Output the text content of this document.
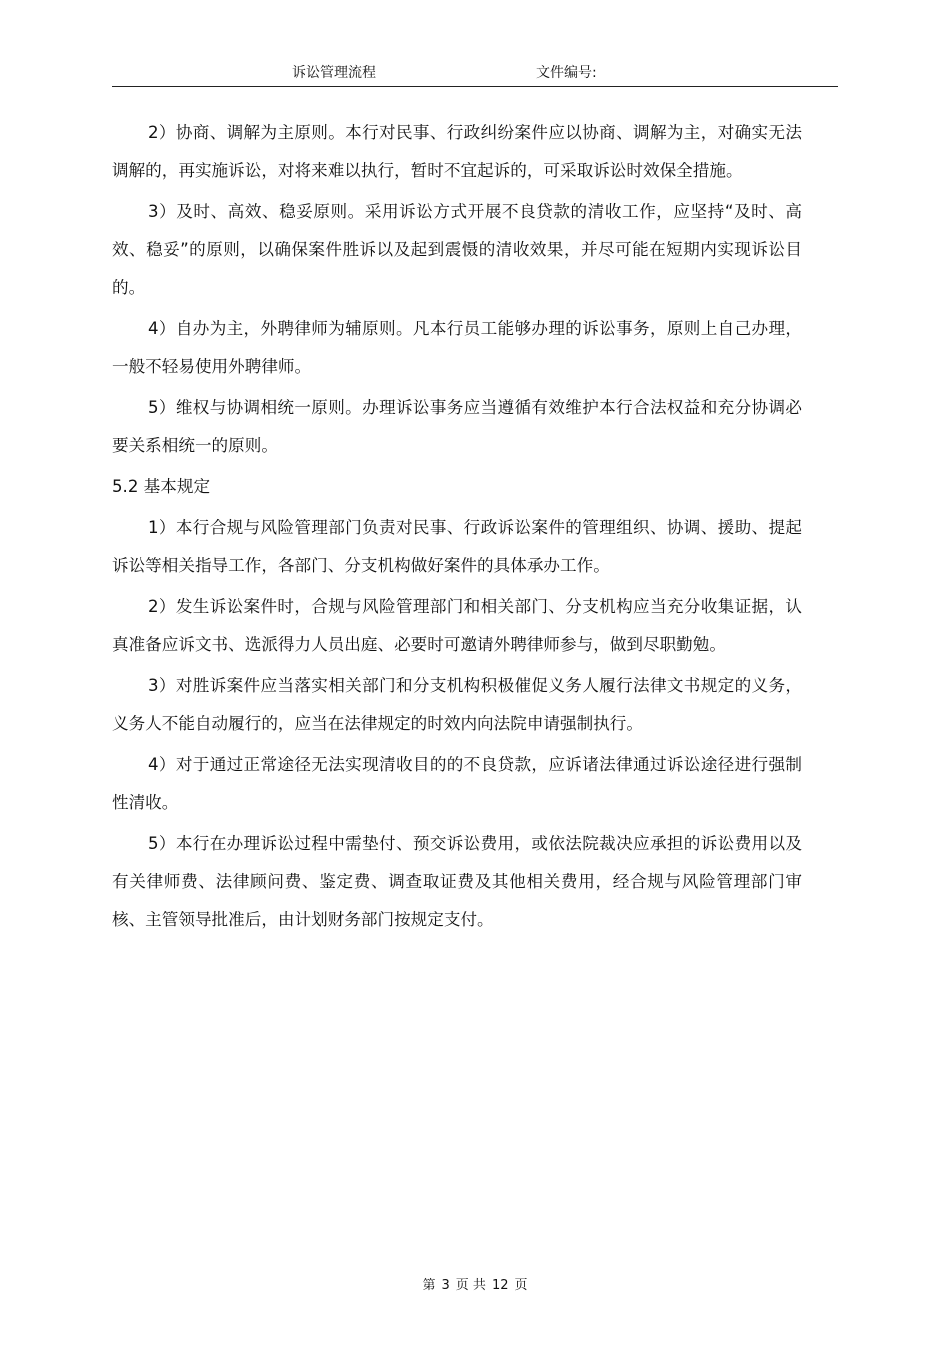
诉讼管理流程	文件编号:

2）协商、调解为主原则。本行对民事、行政纠纷案件应以协商、调解为主，对确实无法调解的，再实施诉讼，对将来难以执行，暂时不宜起诉的，可采取诉讼时效保全措施。

3）及时、高效、稳妥原则。采用诉讼方式开展不良贷款的清收工作，应坚持“及时、高效、稳妥”的原则，以确保案件胜诉以及起到震慑的清收效果，并尽可能在短期内实现诉讼目的。

4）自办为主，外聘律师为辅原则。凡本行员工能够办理的诉讼事务，原则上自己办理，一般不轻易使用外聘律师。

5）维权与协调相统一原则。办理诉讼事务应当遵循有效维护本行合法权益和充分协调必要关系相统一的原则。

5.2 基本规定

1）本行合规与风险管理部门负责对民事、行政诉讼案件的管理组织、协调、援助、提起诉讼等相关指导工作，各部门、分支机构做好案件的具体承办工作。

2）发生诉讼案件时，合规与风险管理部门和相关部门、分支机构应当充分收集证据，认真准备应诉文书、选派得力人员出庭、必要时可邀请外聘律师参与，做到尽职勤勉。

3）对胜诉案件应当落实相关部门和分支机构积极催促义务人履行法律文书规定的义务，义务人不能自动履行的，应当在法律规定的时效内向法院申请强制执行。

4）对于通过正常途径无法实现清收目的的不良贷款，应诉诸法律通过诉讼途径进行强制性清收。

5）本行在办理诉讼过程中需垫付、预交诉讼费用，或依法院裁决应承担的诉讼费用以及有关律师费、法律顾问费、鉴定费、调查取证费及其他相关费用，经合规与风险管理部门审核、主管领导批准后，由计划财务部门按规定支付。

第 3 页 共 12 页
